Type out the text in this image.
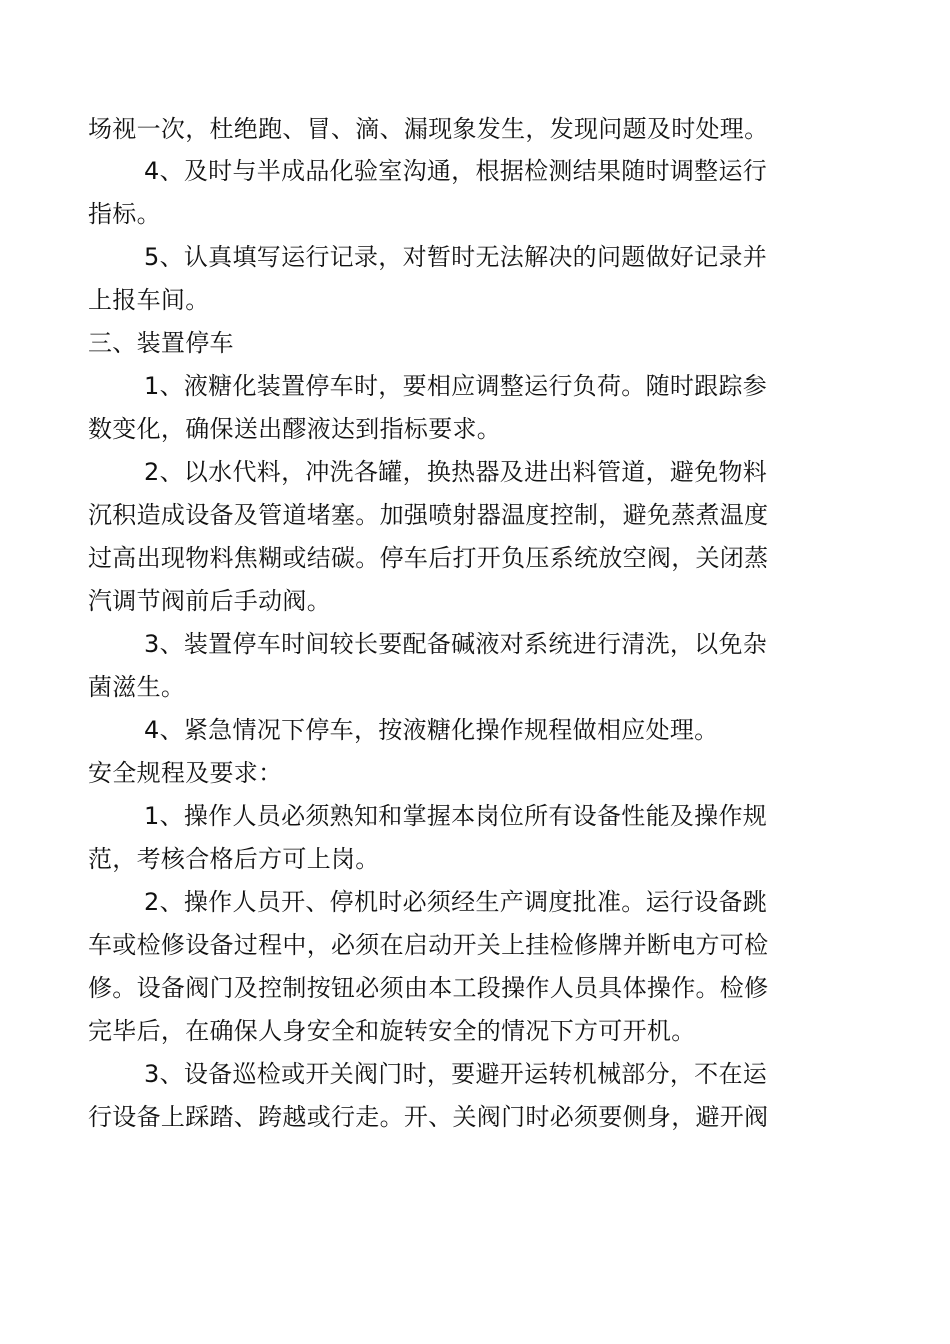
场视一次，杜绝跑、冒、滴、漏现象发生，发现问题及时处理。
4、及时与半成品化验室沟通，根据检测结果随时调整运行
指标。
5、认真填写运行记录，对暂时无法解决的问题做好记录并
上报车间。
三、装置停车
1、液糖化装置停车时，要相应调整运行负荷。随时跟踪参
数变化，确保送出醪液达到指标要求。
2、以水代料，冲洗各罐，换热器及进出料管道，避免物料
沉积造成设备及管道堵塞。加强喷射器温度控制，避免蒸煮温度
过高出现物料焦糊或结碳。停车后打开负压系统放空阀，关闭蒸
汽调节阀前后手动阀。
3、装置停车时间较长要配备碱液对系统进行清洗，以免杂
菌滋生。
4、紧急情况下停车，按液糖化操作规程做相应处理。
安全规程及要求：
1、操作人员必须熟知和掌握本岗位所有设备性能及操作规
范，考核合格后方可上岗。
2、操作人员开、停机时必须经生产调度批准。运行设备跳
车或检修设备过程中，必须在启动开关上挂检修牌并断电方可检
修。设备阀门及控制按钮必须由本工段操作人员具体操作。检修
完毕后，在确保人身安全和旋转安全的情况下方可开机。
3、设备巡检或开关阀门时，要避开运转机械部分，不在运
行设备上踩踏、跨越或行走。开、关阀门时必须要侧身，避开阀
